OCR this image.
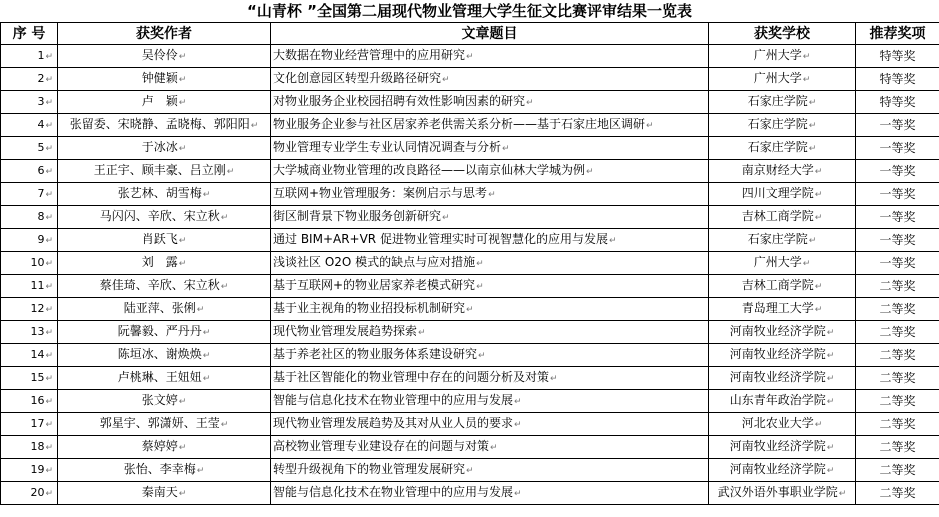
“山青杯 ”全国第二届现代物业管理大学生征文比赛评审结果一览表
序 号	获奖作者	文章题目	获奖学校	推荐奖项
1↵	吴伶伶↵	大数据在物业经营管理中的应用研究↵	广州大学↵	特等奖
2↵	钟健颖↵	文化创意园区转型升级路径研究↵	广州大学↵	特等奖
3↵	卢　颖↵	对物业服务企业校园招聘有效性影响因素的研究↵	石家庄学院↵	特等奖
4↵	张留委、宋晓静、孟晓梅、郭阳阳↵	物业服务企业参与社区居家养老供需关系分析——基于石家庄地区调研↵	石家庄学院↵	一等奖
5↵	于冰冰↵	物业管理专业学生专业认同情况调查与分析↵	石家庄学院↵	一等奖
6↵	王正宇、顾丰豪、吕立刚↵	大学城商业物业管理的改良路径——以南京仙林大学城为例↵	南京财经大学↵	一等奖
7↵	张艺林、胡雪梅↵	互联网+物业管理服务：案例启示与思考↵	四川文理学院↵	一等奖
8↵	马闪闪、辛欣、宋立秋↵	街区制背景下物业服务创新研究↵	吉林工商学院↵	一等奖
9↵	肖跃飞↵	通过 BIM+AR+VR 促进物业管理实时可视智慧化的应用与发展↵	石家庄学院↵	一等奖
10↵	刘　露↵	浅谈社区 O2O 模式的缺点与应对措施↵	广州大学↵	一等奖
11↵	蔡佳琦、辛欣、宋立秋↵	基于互联网+的物业居家养老模式研究↵	吉林工商学院↵	二等奖
12↵	陆亚萍、张俐↵	基于业主视角的物业招投标机制研究↵	青岛理工大学↵	二等奖
13↵	阮馨毅、严丹丹↵	现代物业管理发展趋势探索↵	河南牧业经济学院↵	二等奖
14↵	陈垣冰、谢焕焕↵	基于养老社区的物业服务体系建设研究↵	河南牧业经济学院↵	二等奖
15↵	卢桃琳、王妞妞↵	基于社区智能化的物业管理中存在的问题分析及对策↵	河南牧业经济学院↵	二等奖
16↵	张文婷↵	智能与信息化技术在物业管理中的应用与发展↵	山东青年政治学院↵	二等奖
17↵	郭星宇、郭潇妍、王莹↵	现代物业管理发展趋势及其对从业人员的要求↵	河北农业大学↵	二等奖
18↵	蔡婷婷↵	高校物业管理专业建设存在的问题与对策↵	河南牧业经济学院↵	二等奖
19↵	张怡、李幸梅↵	转型升级视角下的物业管理发展研究↵	河南牧业经济学院↵	二等奖
20↵	秦南天↵	智能与信息化技术在物业管理中的应用与发展↵	武汉外语外事职业学院↵	二等奖
